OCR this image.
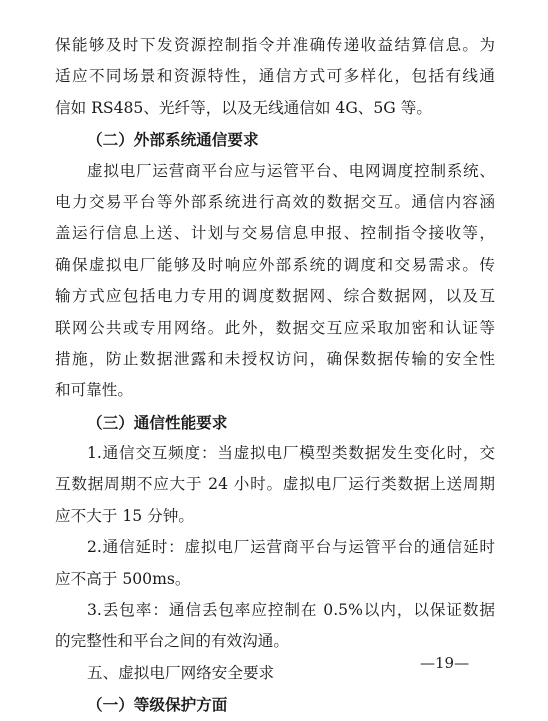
保能够及时下发资源控制指令并准确传递收益结算信息。为
适应不同场景和资源特性，通信方式可多样化，包括有线通
信如 RS485、光纤等，以及无线通信如 4G、5G 等。
（二）外部系统通信要求
虚拟电厂运营商平台应与运管平台、电网调度控制系统、
电力交易平台等外部系统进行高效的数据交互。通信内容涵
盖运行信息上送、计划与交易信息申报、控制指令接收等，
确保虚拟电厂能够及时响应外部系统的调度和交易需求。传
输方式应包括电力专用的调度数据网、综合数据网，以及互
联网公共或专用网络。此外，数据交互应采取加密和认证等
措施，防止数据泄露和未授权访问，确保数据传输的安全性
和可靠性。
（三）通信性能要求
1.通信交互频度：当虚拟电厂模型类数据发生变化时，交
互数据周期不应大于 24 小时。虚拟电厂运行类数据上送周期
应不大于 15 分钟。
2.通信延时：虚拟电厂运营商平台与运管平台的通信延时
应不高于 500ms。
3.丢包率：通信丢包率应控制在 0.5%以内，以保证数据
的完整性和平台之间的有效沟通。
五、虚拟电厂网络安全要求
（一）等级保护方面
—19—
